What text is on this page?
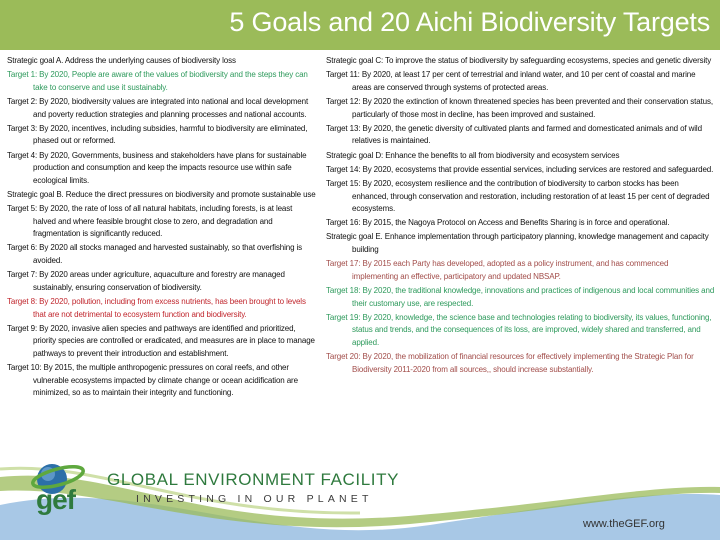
5 Goals and 20 Aichi Biodiversity Targets
Strategic goal A. Address the underlying causes of biodiversity loss
Target 1: By 2020, People are aware of the values of biodiversity and the steps they can take to conserve and use it sustainably.
Target 2: By 2020, biodiversity values are integrated into national and local development and poverty reduction strategies and planning processes and national accounts.
Target 3: By 2020, incentives, including subsidies, harmful to biodiversity are eliminated, phased out or reformed.
Target 4: By 2020, Governments, business and stakeholders have plans for sustainable production and consumption and keep the impacts resource use within safe ecological limits.
Strategic goal B. Reduce the direct pressures on biodiversity and promote sustainable use
Target 5: By 2020, the rate of loss of all natural habitats, including forests, is at least halved and where feasible brought close to zero, and degradation and fragmentation is significantly reduced.
Target 6: By 2020 all stocks managed and harvested sustainably, so that overfishing is avoided.
Target 7: By 2020 areas under agriculture, aquaculture and forestry are managed sustainably, ensuring conservation of biodiversity.
Target 8: By 2020, pollution, including from excess nutrients, has been brought to levels that are not detrimental to ecosystem function and biodiversity.
Target 9: By 2020, invasive alien species and pathways are identified and prioritized, priority species are controlled or eradicated, and measures are in place to manage pathways to prevent their introduction and establishment.
Target 10: By 2015, the multiple anthropogenic pressures on coral reefs, and other vulnerable ecosystems impacted by climate change or ocean acidification are minimized, so as to maintain their integrity and functioning.
Strategic goal C: To improve the status of biodiversity by safeguarding ecosystems, species and genetic diversity
Target 11: By 2020, at least 17 per cent of terrestrial and inland water, and 10 per cent of coastal and marine areas are conserved through systems of protected areas.
Target 12: By 2020 the extinction of known threatened species has been prevented and their conservation status, particularly of those most in decline, has been improved and sustained.
Target 13: By 2020, the genetic diversity of cultivated plants and farmed and domesticated animals and of wild relatives is maintained.
Strategic goal D: Enhance the benefits to all from biodiversity and ecosystem services
Target 14: By 2020, ecosystems that provide essential services, including services are restored and safeguarded.
Target 15: By 2020, ecosystem resilience and the contribution of biodiversity to carbon stocks has been enhanced, through conservation and restoration, including restoration of at least 15 per cent of degraded ecosystems.
Target 16: By 2015, the Nagoya Protocol on Access and Benefits Sharing is in force and operational.
Strategic goal E. Enhance implementation through participatory planning, knowledge management and capacity building
Target 17: By 2015 each Party has developed, adopted as a policy instrument, and has commenced implementing an effective, participatory and updated NBSAP.
Target 18: By 2020, the traditional knowledge, innovations and practices of indigenous and local communities and their customary use, are respected.
Target 19: By 2020, knowledge, the science base and technologies relating to biodiversity, its values, functioning, status and trends, and the consequences of its loss, are improved, widely shared and transferred, and applied.
Target 20: By 2020, the mobilization of financial resources for effectively implementing the Strategic Plan for Biodiversity 2011-2020 from all sources,, should increase substantially.
gef
GLOBAL ENVIRONMENT FACILITY
INVESTING IN OUR PLANET
www.theGEF.org
